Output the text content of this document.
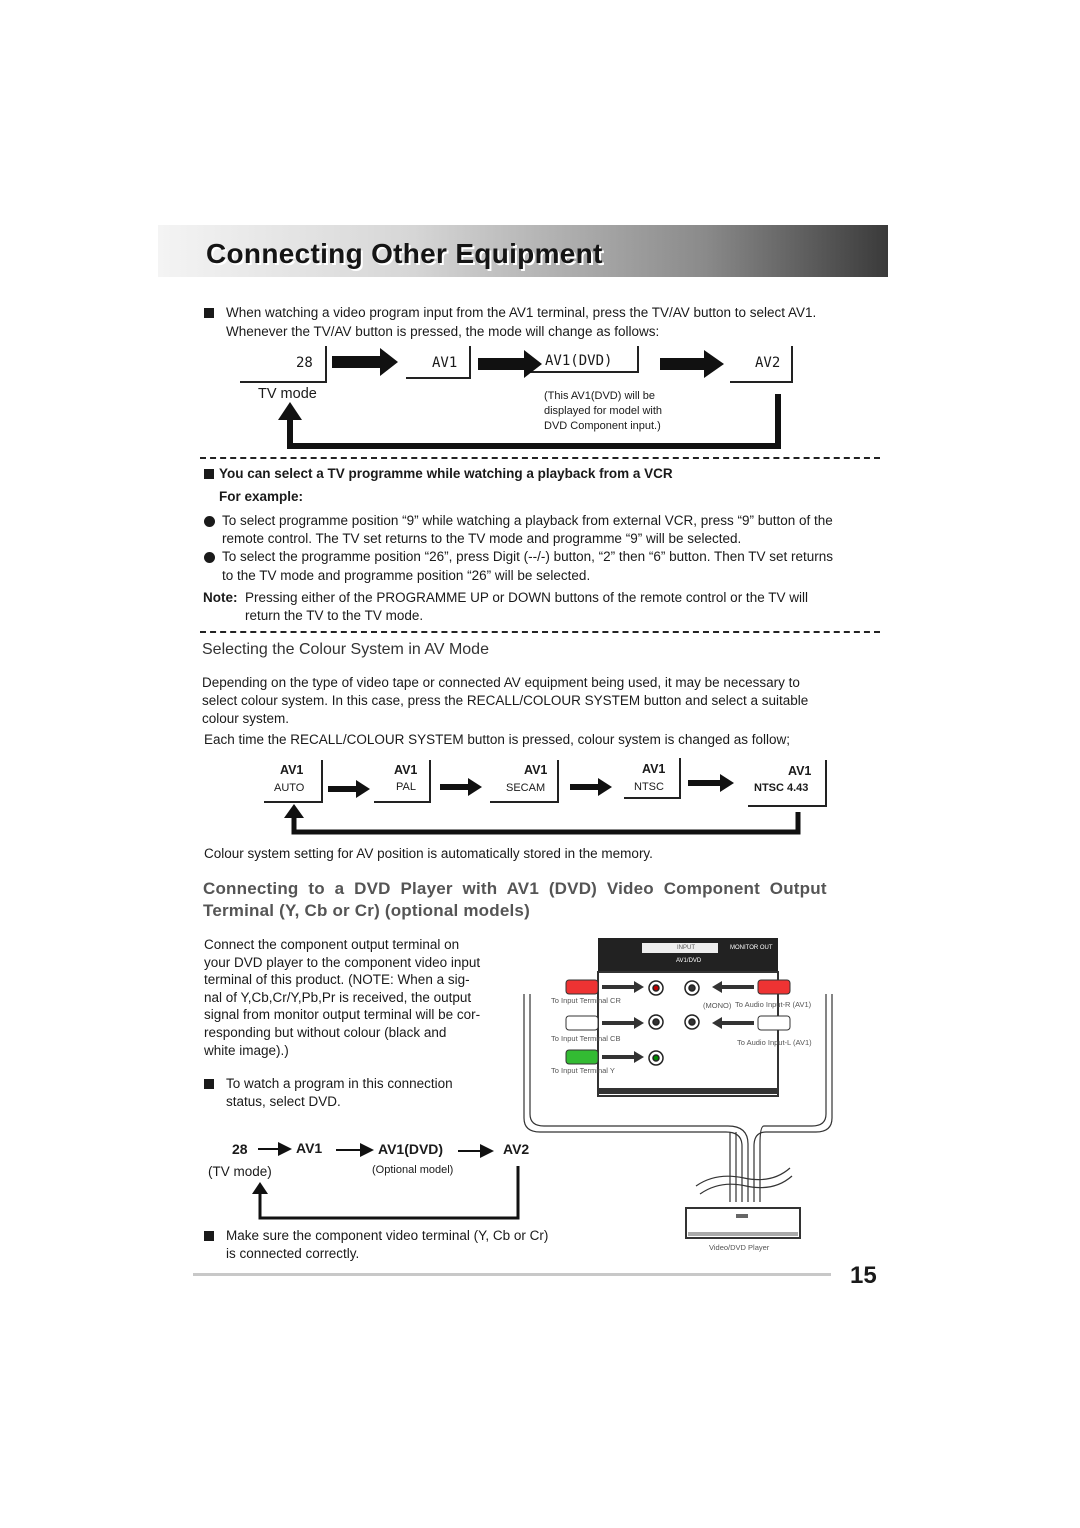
Connecting Other Equipment
When watching a video program input from the AV1 terminal, press the TV/AV button to select AV1.
Whenever the TV/AV button is pressed, the mode will change as follows:
28	AV1	AV1(DVD)	AV2
TV mode	(This AV1(DVD) will be
displayed for model with
DVD Component input.)
You can select a TV programme while watching a playback from a VCR
For example:
To select programme position “9” while watching a playback from external VCR, press “9” button of the
remote control. The TV set returns to the TV mode and programme “9” will be selected.
To select the programme position “26”, press Digit (--/-) button, “2” then “6” button. Then TV set returns
to the TV mode and programme position “26” will be selected.
Note: Pressing either of the PROGRAMME UP or DOWN buttons of the remote control or the TV will
return the TV to the TV mode.
Selecting the Colour System in AV Mode
Depending on the type of video tape or connected AV equipment being used, it may be necessary to
select colour system. In this case, press the RECALL/COLOUR SYSTEM button and select a suitable
colour system.
Each time the RECALL/COLOUR SYSTEM button is pressed, colour system is changed as follow;
AV1
AUTO
AV1
PAL
AV1
SECAM
AV1
NTSC
AV1
NTSC 4.43
Colour system setting for AV position is automatically stored in the memory.
Connecting  to  a  DVD  Player  with  AV1  (DVD)  Video  Component  Output
Terminal (Y, Cb or Cr) (optional models)
Connect the component output terminal on
your DVD player to the component video input
terminal of this product. (NOTE: When a sig-
nal of Y,Cb,Cr/Y,Pb,Pr is received, the output
signal from monitor output terminal will be cor-
responding but without colour (black and
white image).)
To watch a program in this connection
status, select DVD.
28	AV1	AV1(DVD)	AV2
(TV mode)	(Optional model)
Make sure the component video terminal (Y, Cb or Cr)
is connected correctly.
INPUT	MONITOR OUT
AV1/DVD
To Input Terminal CR
To Input Terminal CB
To Input Terminal Y
(MONO) To Audio Input-R (AV1)
To Audio Input-L (AV1)
Video/DVD Player
15
